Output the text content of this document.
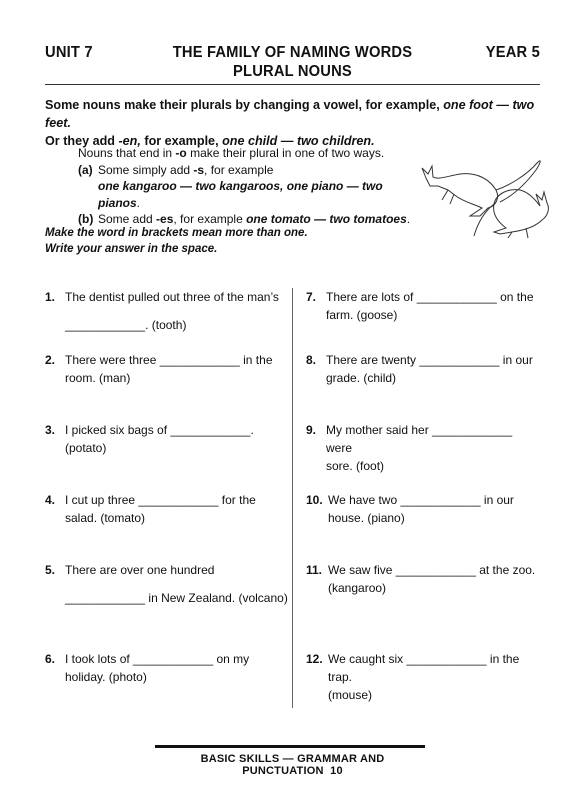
UNIT 7	THE FAMILY OF NAMING WORDS
PLURAL NOUNS
YEAR 5
Some nouns make their plurals by changing a vowel, for example, one foot — two feet.
Or they add -en, for example, one child — two children.
Nouns that end in -o make their plural in one of two ways.
(a) Some simply add -s, for example
one kangaroo — two kangaroos, one piano — two pianos.
(b) Some add -es, for example one tomato — two tomatoes.
Make the word in brackets mean more than one.
Write your answer in the space.
1. The dentist pulled out three of the man’s
____________. (tooth)
2. There were three ____________ in the
room. (man)
3. I picked six bags of ____________.
(potato)
4. I cut up three ____________ for the
salad. (tomato)
5. There are over one hundred
____________ in New Zealand. (volcano)
6. I took lots of ____________ on my
holiday. (photo)
7. There are lots of ____________ on the
farm. (goose)
8. There are twenty ____________ in our
grade. (child)
9. My mother said her ____________ were
sore. (foot)
10. We have two ____________ in our
house. (piano)
11. We saw five ____________ at the zoo.
(kangaroo)
12. We caught six ____________ in the trap.
(mouse)
BASIC SKILLS — GRAMMAR AND PUNCTUATION 10
